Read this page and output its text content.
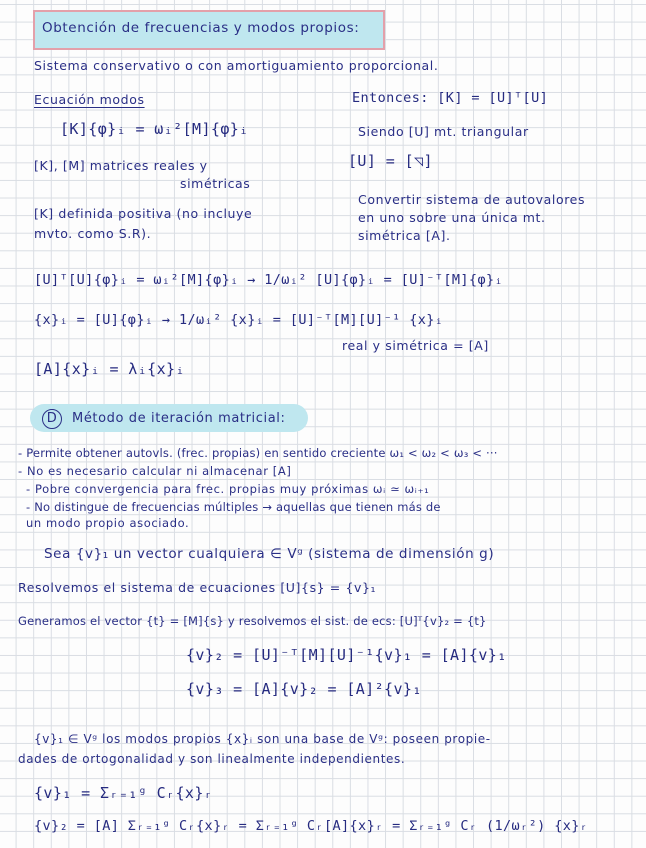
Obtención de frecuencias y modos propios:
Sistema conservativo o con amortiguamiento proporcional.
Ecuación modos
[K]{φ}ᵢ = ωᵢ²[M]{φ}ᵢ
[K], [M] matrices reales y
simétricas
[K] definida positiva (no incluye
mvto. como S.R).
Entonces: [K] = [U]ᵀ[U]
Siendo [U] mt. triangular
[U] = [◹]
Convertir sistema de autovalores
en uno sobre una única mt.
simétrica [A].
[U]ᵀ[U]{φ}ᵢ = ωᵢ²[M]{φ}ᵢ → 1/ωᵢ² [U]{φ}ᵢ = [U]⁻ᵀ[M]{φ}ᵢ
{x}ᵢ = [U]{φ}ᵢ → 1/ωᵢ² {x}ᵢ = [U]⁻ᵀ[M][U]⁻¹ {x}ᵢ
real y simétrica = [A]
[A]{x}ᵢ = λᵢ{x}ᵢ
D Método de iteración matricial:
- Permite obtener autovls. (frec. propias) en sentido creciente ω₁ < ω₂ < ω₃ < ···
- No es necesario calcular ni almacenar [A]
- Pobre convergencia para frec. propias muy próximas ωᵢ ≃ ωᵢ₊₁
- No distingue de frecuencias múltiples → aquellas que tienen más de
un modo propio asociado.
Sea {v}₁ un vector cualquiera ∈ Vᵍ (sistema de dimensión g)
Resolvemos el sistema de ecuaciones [U]{s} = {v}₁
Generamos el vector {t} = [M]{s} y resolvemos el sist. de ecs: [U]ᵀ{v}₂ = {t}
{v}₂ = [U]⁻ᵀ[M][U]⁻¹{v}₁ = [A]{v}₁
{v}₃ = [A]{v}₂ = [A]²{v}₁
{v}₁ ∈ Vᵍ los modos propios {x}ᵢ son una base de Vᵍ: poseen propie-
dades de ortogonalidad y son linealmente independientes.
{v}₁ = Σᵣ₌₁ᵍ Cᵣ{x}ᵣ
{v}₂ = [A] Σᵣ₌₁ᵍ Cᵣ{x}ᵣ = Σᵣ₌₁ᵍ Cᵣ[A]{x}ᵣ = Σᵣ₌₁ᵍ Cᵣ (1/ωᵣ²) {x}ᵣ
